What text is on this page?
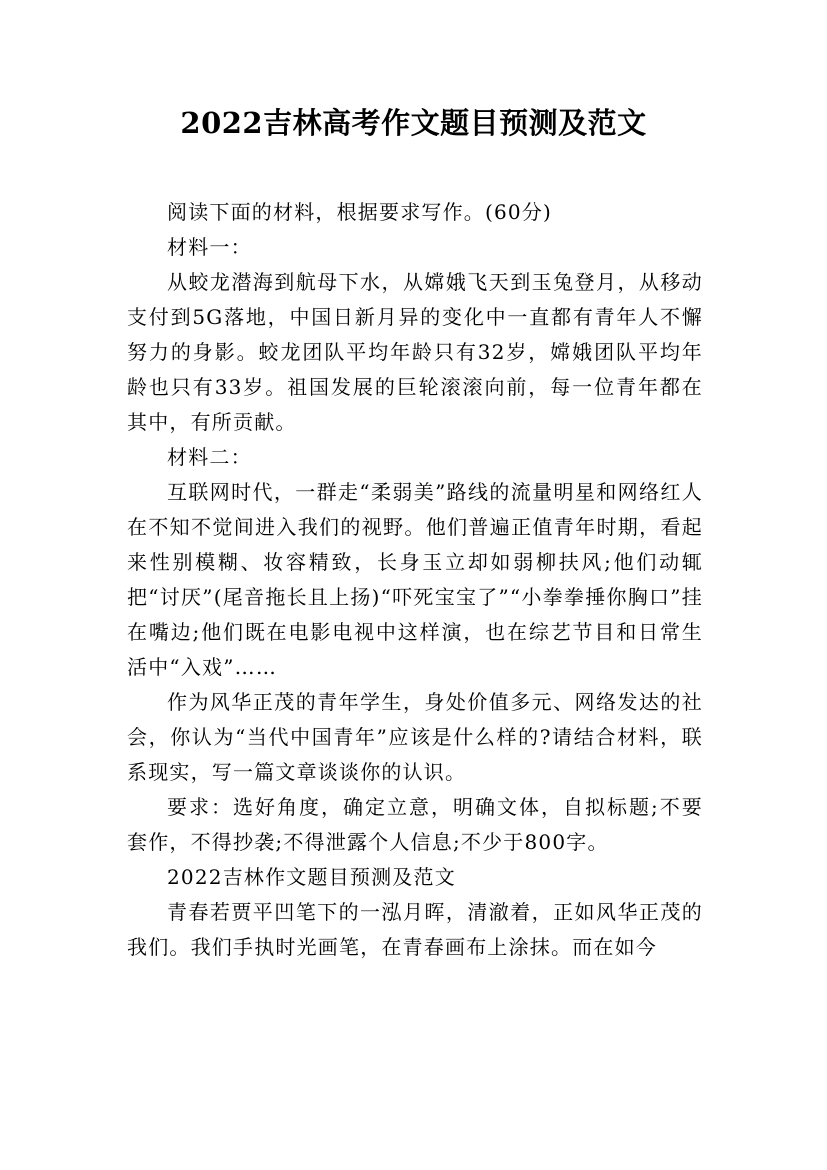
2022吉林高考作文题目预测及范文

阅读下面的材料，根据要求写作。(60分)

材料一：

从蛟龙潜海到航母下水，从嫦娥飞天到玉兔登月，从移动支付到5G落地，中国日新月异的变化中一直都有青年人不懈努力的身影。蛟龙团队平均年龄只有32岁，嫦娥团队平均年龄也只有33岁。祖国发展的巨轮滚滚向前，每一位青年都在其中，有所贡献。

材料二：

互联网时代，一群走“柔弱美”路线的流量明星和网络红人在不知不觉间进入我们的视野。他们普遍正值青年时期，看起来性别模糊、妆容精致，长身玉立却如弱柳扶风;他们动辄把“讨厌”(尾音拖长且上扬)“吓死宝宝了”“小拳拳捶你胸口”挂在嘴边;他们既在电影电视中这样演，也在综艺节目和日常生活中“入戏”……

作为风华正茂的青年学生，身处价值多元、网络发达的社会，你认为“当代中国青年”应该是什么样的?请结合材料，联系现实，写一篇文章谈谈你的认识。

要求：选好角度，确定立意，明确文体，自拟标题;不要套作，不得抄袭;不得泄露个人信息;不少于800字。

2022吉林作文题目预测及范文

青春若贾平凹笔下的一泓月晖，清澈着，正如风华正茂的我们。我们手执时光画笔，在青春画布上涂抹。而在如今
